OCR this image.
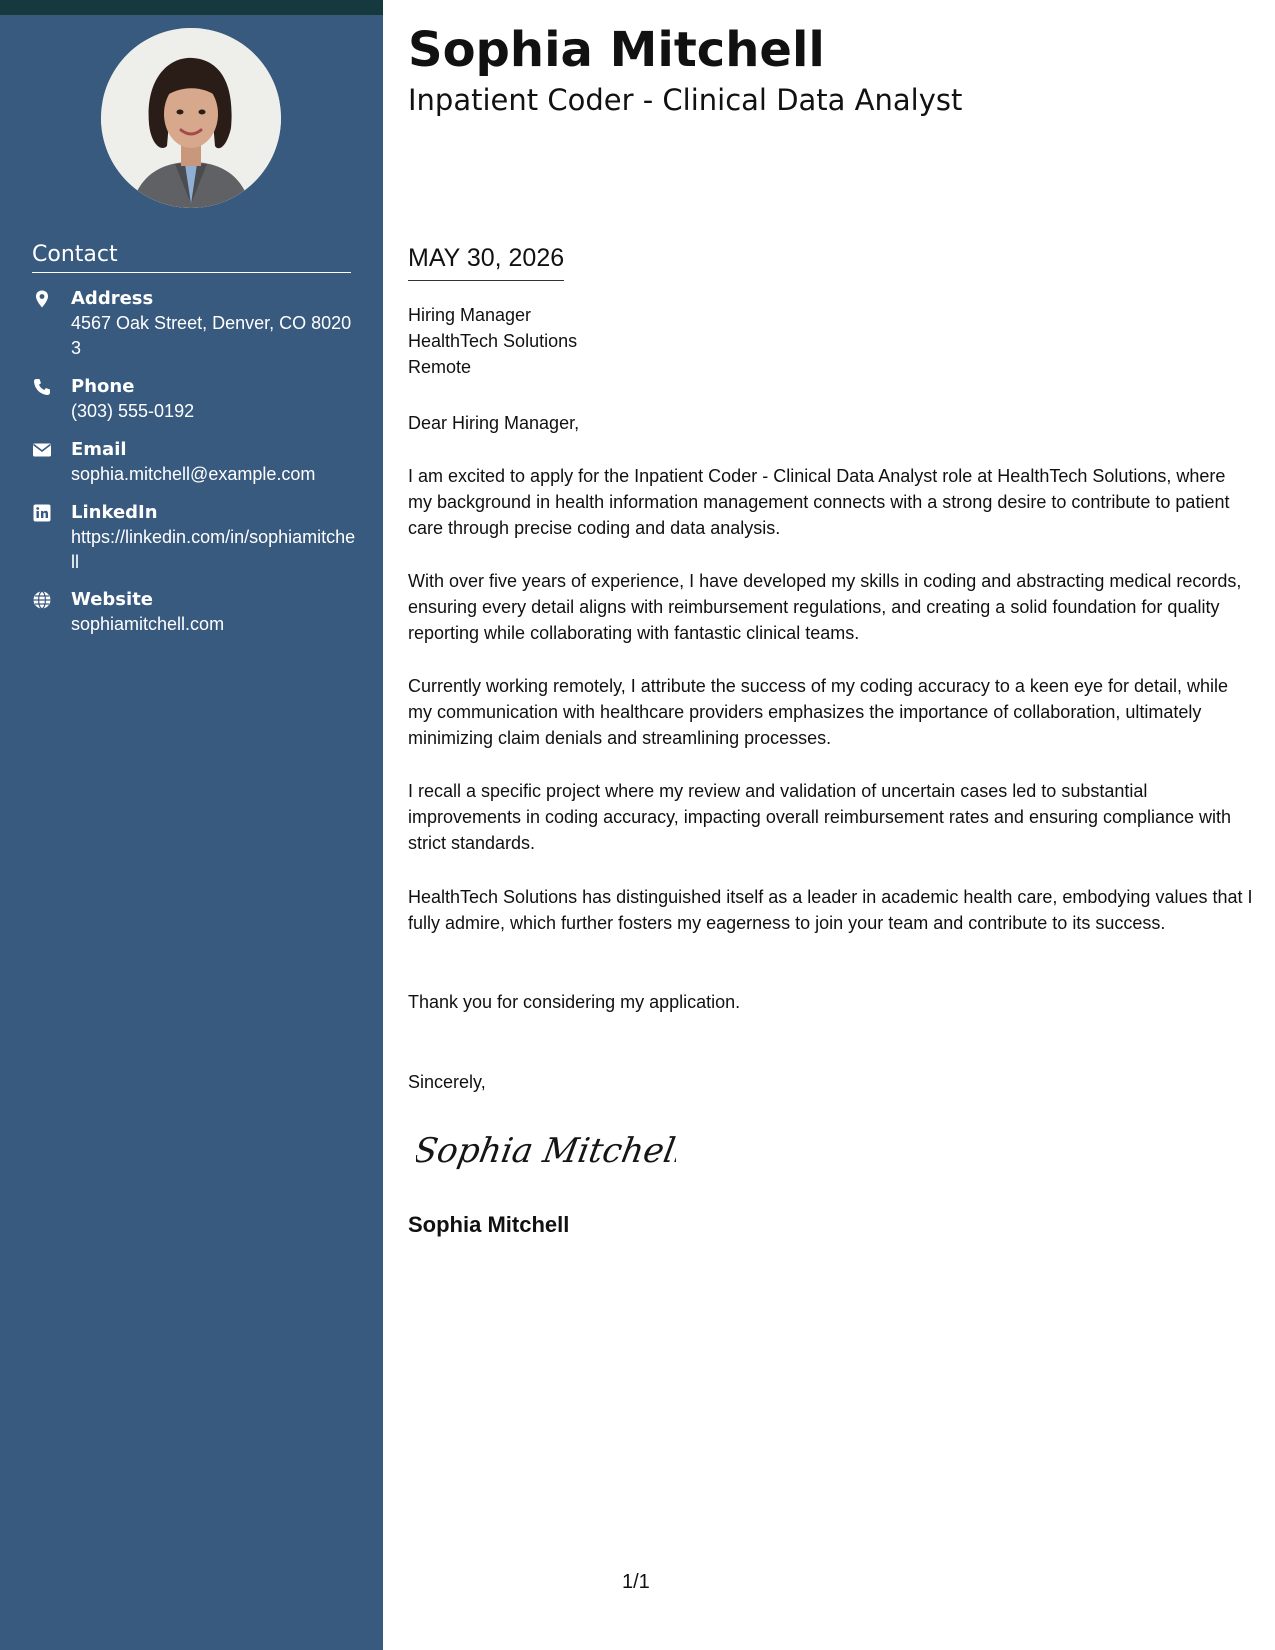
Contact
Address
4567 Oak Street, Denver, CO 80203
Phone
(303) 555-0192
Email
sophia.mitchell@example.com
LinkedIn
https://linkedin.com/in/sophiamitchell
Website
sophiamitchell.com
Sophia Mitchell
Inpatient Coder - Clinical Data Analyst
MAY 30, 2026
Hiring Manager
HealthTech Solutions
Remote
Dear Hiring Manager,
I am excited to apply for the Inpatient Coder - Clinical Data Analyst role at HealthTech Solutions, where my background in health information management connects with a strong desire to contribute to patient care through precise coding and data analysis.
With over five years of experience, I have developed my skills in coding and abstracting medical records, ensuring every detail aligns with reimbursement regulations, and creating a solid foundation for quality reporting while collaborating with fantastic clinical teams.
Currently working remotely, I attribute the success of my coding accuracy to a keen eye for detail, while my communication with healthcare providers emphasizes the importance of collaboration, ultimately minimizing claim denials and streamlining processes.
I recall a specific project where my review and validation of uncertain cases led to substantial improvements in coding accuracy, impacting overall reimbursement rates and ensuring compliance with strict standards.
HealthTech Solutions has distinguished itself as a leader in academic health care, embodying values that I fully admire, which further fosters my eagerness to join your team and contribute to its success.
Thank you for considering my application.
Sincerely,
Sophia Mitchell
Sophia Mitchell
1/1
